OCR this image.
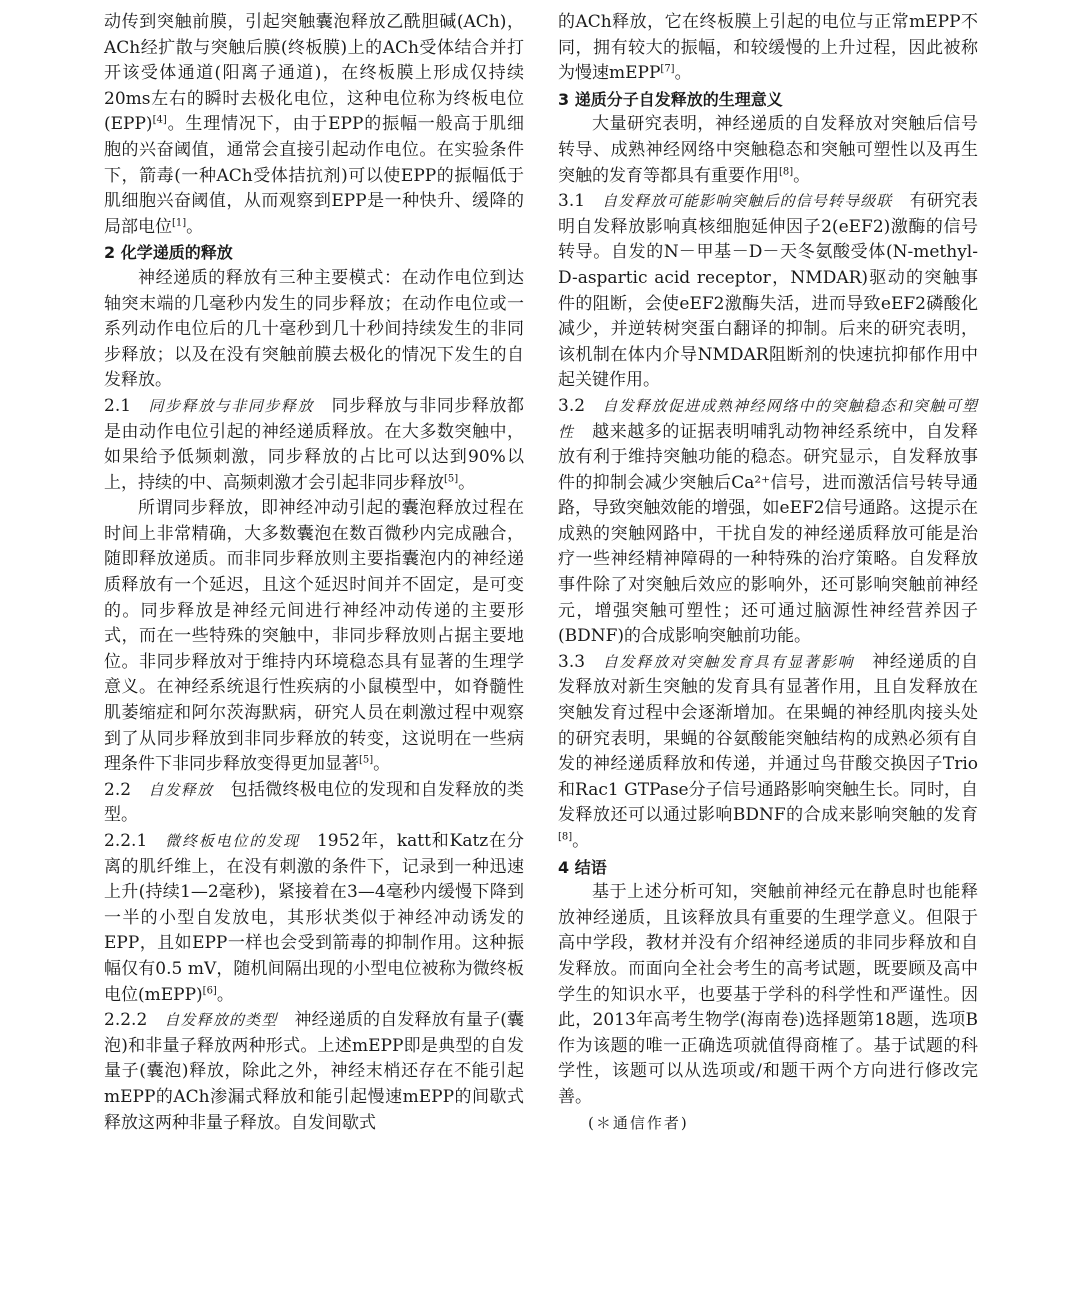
动传到突触前膜，引起突触囊泡释放乙酰胆碱(ACh)，ACh经扩散与突触后膜(终板膜)上的ACh受体结合并打开该受体通道(阳离子通道)，在终板膜上形成仅持续20ms左右的瞬时去极化电位，这种电位称为终板电位(EPP)[4]。生理情况下，由于EPP的振幅一般高于肌细胞的兴奋阈值，通常会直接引起动作电位。在实验条件下，箭毒(一种ACh受体拮抗剂)可以使EPP的振幅低于肌细胞兴奋阈值，从而观察到EPP是一种快升、缓降的局部电位[1]。

2 化学递质的释放

神经递质的释放有三种主要模式：在动作电位到达轴突末端的几毫秒内发生的同步释放；在动作电位或一系列动作电位后的几十毫秒到几十秒间持续发生的非同步释放；以及在没有突触前膜去极化的情况下发生的自发释放。

2.1  同步释放与非同步释放  同步释放与非同步释放都是由动作电位引起的神经递质释放。在大多数突触中，如果给予低频刺激，同步释放的占比可以达到90%以上，持续的中、高频刺激才会引起非同步释放[5]。

所谓同步释放，即神经冲动引起的囊泡释放过程在时间上非常精确，大多数囊泡在数百微秒内完成融合，随即释放递质。而非同步释放则主要指囊泡内的神经递质释放有一个延迟，且这个延迟时间并不固定，是可变的。同步释放是神经元间进行神经冲动传递的主要形式，而在一些特殊的突触中，非同步释放则占据主要地位。非同步释放对于维持内环境稳态具有显著的生理学意义。在神经系统退行性疾病的小鼠模型中，如脊髓性肌萎缩症和阿尔茨海默病，研究人员在刺激过程中观察到了从同步释放到非同步释放的转变，这说明在一些病理条件下非同步释放变得更加显著[5]。

2.2  自发释放  包括微终极电位的发现和自发释放的类型。

2.2.1  微终板电位的发现  1952年，katt和Katz在分离的肌纤维上，在没有刺激的条件下，记录到一种迅速上升(持续1—2毫秒)，紧接着在3—4毫秒内缓慢下降到一半的小型自发放电，其形状类似于神经冲动诱发的EPP，且如EPP一样也会受到箭毒的抑制作用。这种振幅仅有0.5 mV，随机间隔出现的小型电位被称为微终板电位(mEPP)[6]。

2.2.2  自发释放的类型  神经递质的自发释放有量子(囊泡)和非量子释放两种形式。上述mEPP即是典型的自发量子(囊泡)释放，除此之外，神经末梢还存在不能引起mEPP的ACh渗漏式释放和能引起慢速mEPP的间歇式释放这两种非量子释放。自发间歇式

的ACh释放，它在终板膜上引起的电位与正常mEPP不同，拥有较大的振幅，和较缓慢的上升过程，因此被称为慢速mEPP[7]。

3 递质分子自发释放的生理意义

大量研究表明，神经递质的自发释放对突触后信号转导、成熟神经网络中突触稳态和突触可塑性以及再生突触的发育等都具有重要作用[8]。

3.1  自发释放可能影响突触后的信号转导级联  有研究表明自发释放影响真核细胞延伸因子2(eEF2)激酶的信号转导。自发的N－甲基－D－天冬氨酸受体(N-methyl-D-aspartic acid receptor，NMDAR)驱动的突触事件的阻断，会使eEF2激酶失活，进而导致eEF2磷酸化减少，并逆转树突蛋白翻译的抑制。后来的研究表明，该机制在体内介导NMDAR阻断剂的快速抗抑郁作用中起关键作用。

3.2  自发释放促进成熟神经网络中的突触稳态和突触可塑性  越来越多的证据表明哺乳动物神经系统中，自发释放有利于维持突触功能的稳态。研究显示，自发释放事件的抑制会减少突触后Ca²⁺信号，进而激活信号转导通路，导致突触效能的增强，如eEF2信号通路。这提示在成熟的突触网路中，干扰自发的神经递质释放可能是治疗一些神经精神障碍的一种特殊的治疗策略。自发释放事件除了对突触后效应的影响外，还可影响突触前神经元，增强突触可塑性；还可通过脑源性神经营养因子(BDNF)的合成影响突触前功能。

3.3  自发释放对突触发育具有显著影响  神经递质的自发释放对新生突触的发育具有显著作用，且自发释放在突触发育过程中会逐渐增加。在果蝇的神经肌肉接头处的研究表明，果蝇的谷氨酸能突触结构的成熟必须有自发的神经递质释放和传递，并通过鸟苷酸交换因子Trio和Rac1 GTPase分子信号通路影响突触生长。同时，自发释放还可以通过影响BDNF的合成来影响突触的发育[8]。

4 结语

基于上述分析可知，突触前神经元在静息时也能释放神经递质，且该释放具有重要的生理学意义。但限于高中学段，教材并没有介绍神经递质的非同步释放和自发释放。而面向全社会考生的高考试题，既要顾及高中学生的知识水平，也要基于学科的科学性和严谨性。因此，2013年高考生物学(海南卷)选择题第18题，选项B作为该题的唯一正确选项就值得商榷了。基于试题的科学性，该题可以从选项或/和题干两个方向进行修改完善。

(＊通信作者)
